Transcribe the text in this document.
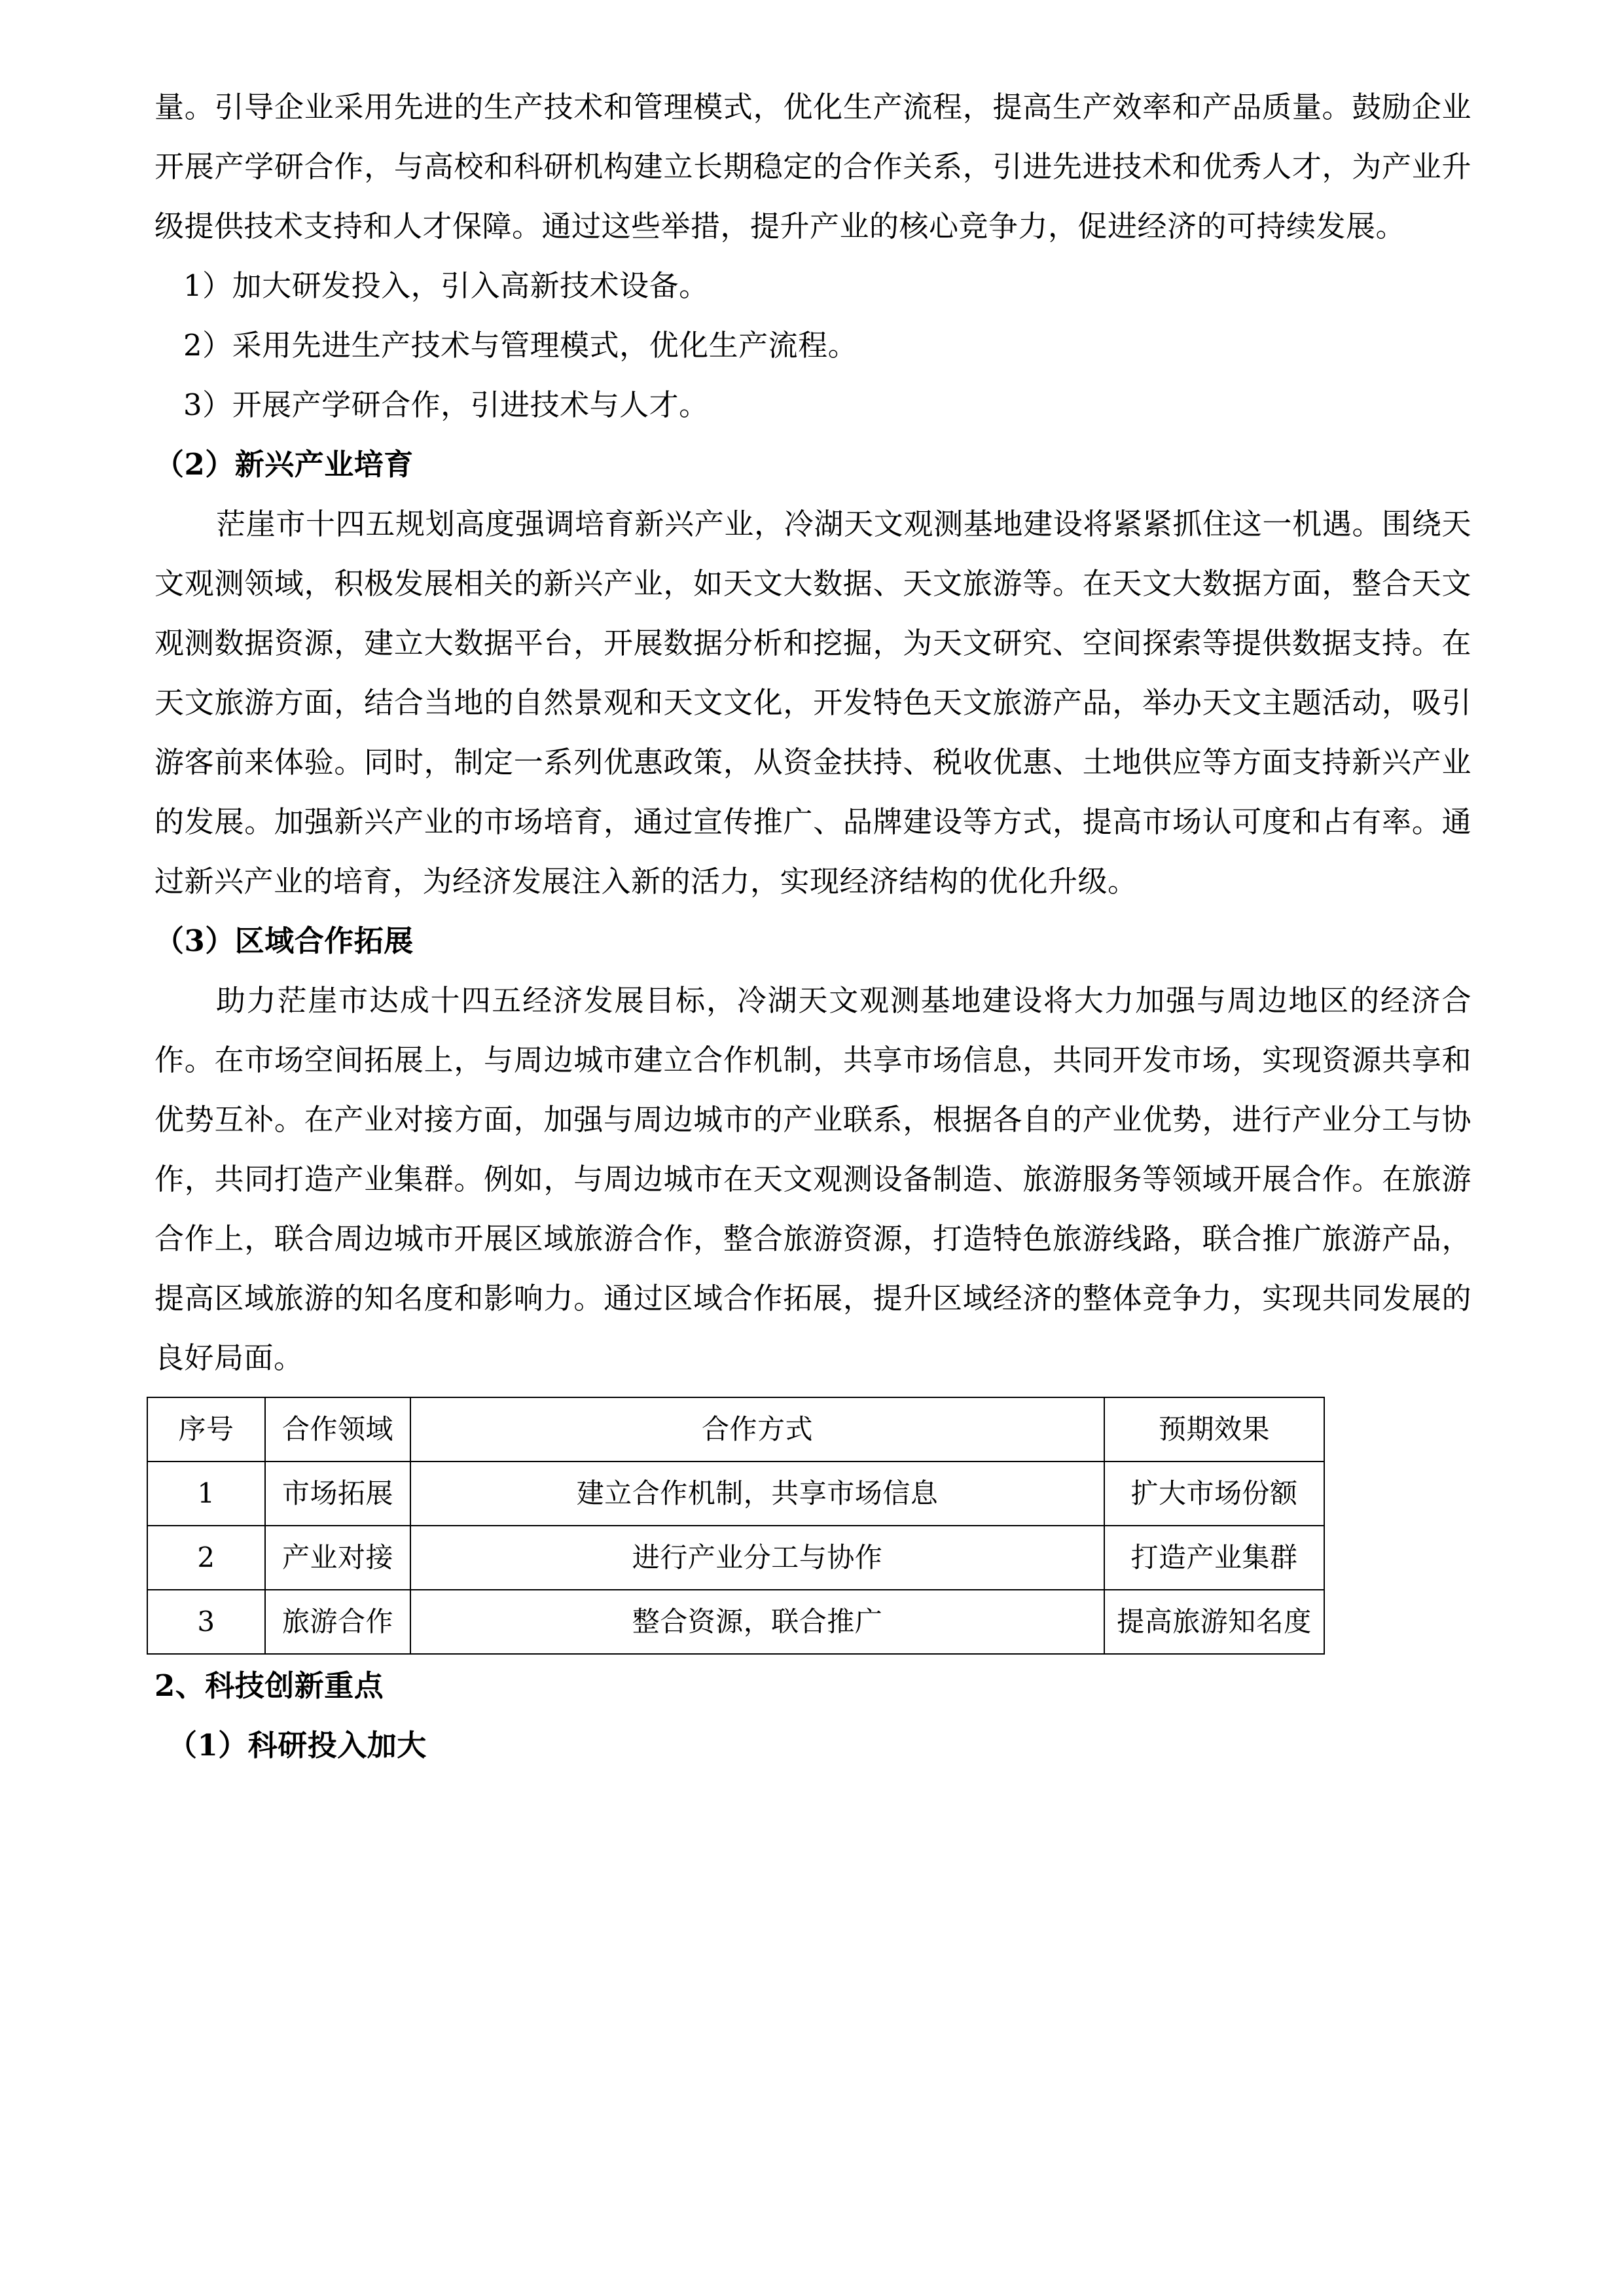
量。引导企业采用先进的生产技术和管理模式，优化生产流程，提高生产效率和产品质量。鼓励企业开展产学研合作，与高校和科研机构建立长期稳定的合作关系，引进先进技术和优秀人才，为产业升级提供技术支持和人才保障。通过这些举措，提升产业的核心竞争力，促进经济的可持续发展。

1）加大研发投入，引入高新技术设备。

2）采用先进生产技术与管理模式，优化生产流程。

3）开展产学研合作，引进技术与人才。

（2）新兴产业培育

茫崖市十四五规划高度强调培育新兴产业，冷湖天文观测基地建设将紧紧抓住这一机遇。围绕天文观测领域，积极发展相关的新兴产业，如天文大数据、天文旅游等。在天文大数据方面，整合天文观测数据资源，建立大数据平台，开展数据分析和挖掘，为天文研究、空间探索等提供数据支持。在天文旅游方面，结合当地的自然景观和天文文化，开发特色天文旅游产品，举办天文主题活动，吸引游客前来体验。同时，制定一系列优惠政策，从资金扶持、税收优惠、土地供应等方面支持新兴产业的发展。加强新兴产业的市场培育，通过宣传推广、品牌建设等方式，提高市场认可度和占有率。通过新兴产业的培育，为经济发展注入新的活力，实现经济结构的优化升级。

（3）区域合作拓展

助力茫崖市达成十四五经济发展目标，冷湖天文观测基地建设将大力加强与周边地区的经济合作。在市场空间拓展上，与周边城市建立合作机制，共享市场信息，共同开发市场，实现资源共享和优势互补。在产业对接方面，加强与周边城市的产业联系，根据各自的产业优势，进行产业分工与协作，共同打造产业集群。例如，与周边城市在天文观测设备制造、旅游服务等领域开展合作。在旅游合作上，联合周边城市开展区域旅游合作，整合旅游资源，打造特色旅游线路，联合推广旅游产品，提高区域旅游的知名度和影响力。通过区域合作拓展，提升区域经济的整体竞争力，实现共同发展的良好局面。

序号	合作领域	合作方式	预期效果
1	市场拓展	建立合作机制，共享市场信息	扩大市场份额
2	产业对接	进行产业分工与协作	打造产业集群
3	旅游合作	整合资源，联合推广	提高旅游知名度

2、科技创新重点

（1）科研投入加大
